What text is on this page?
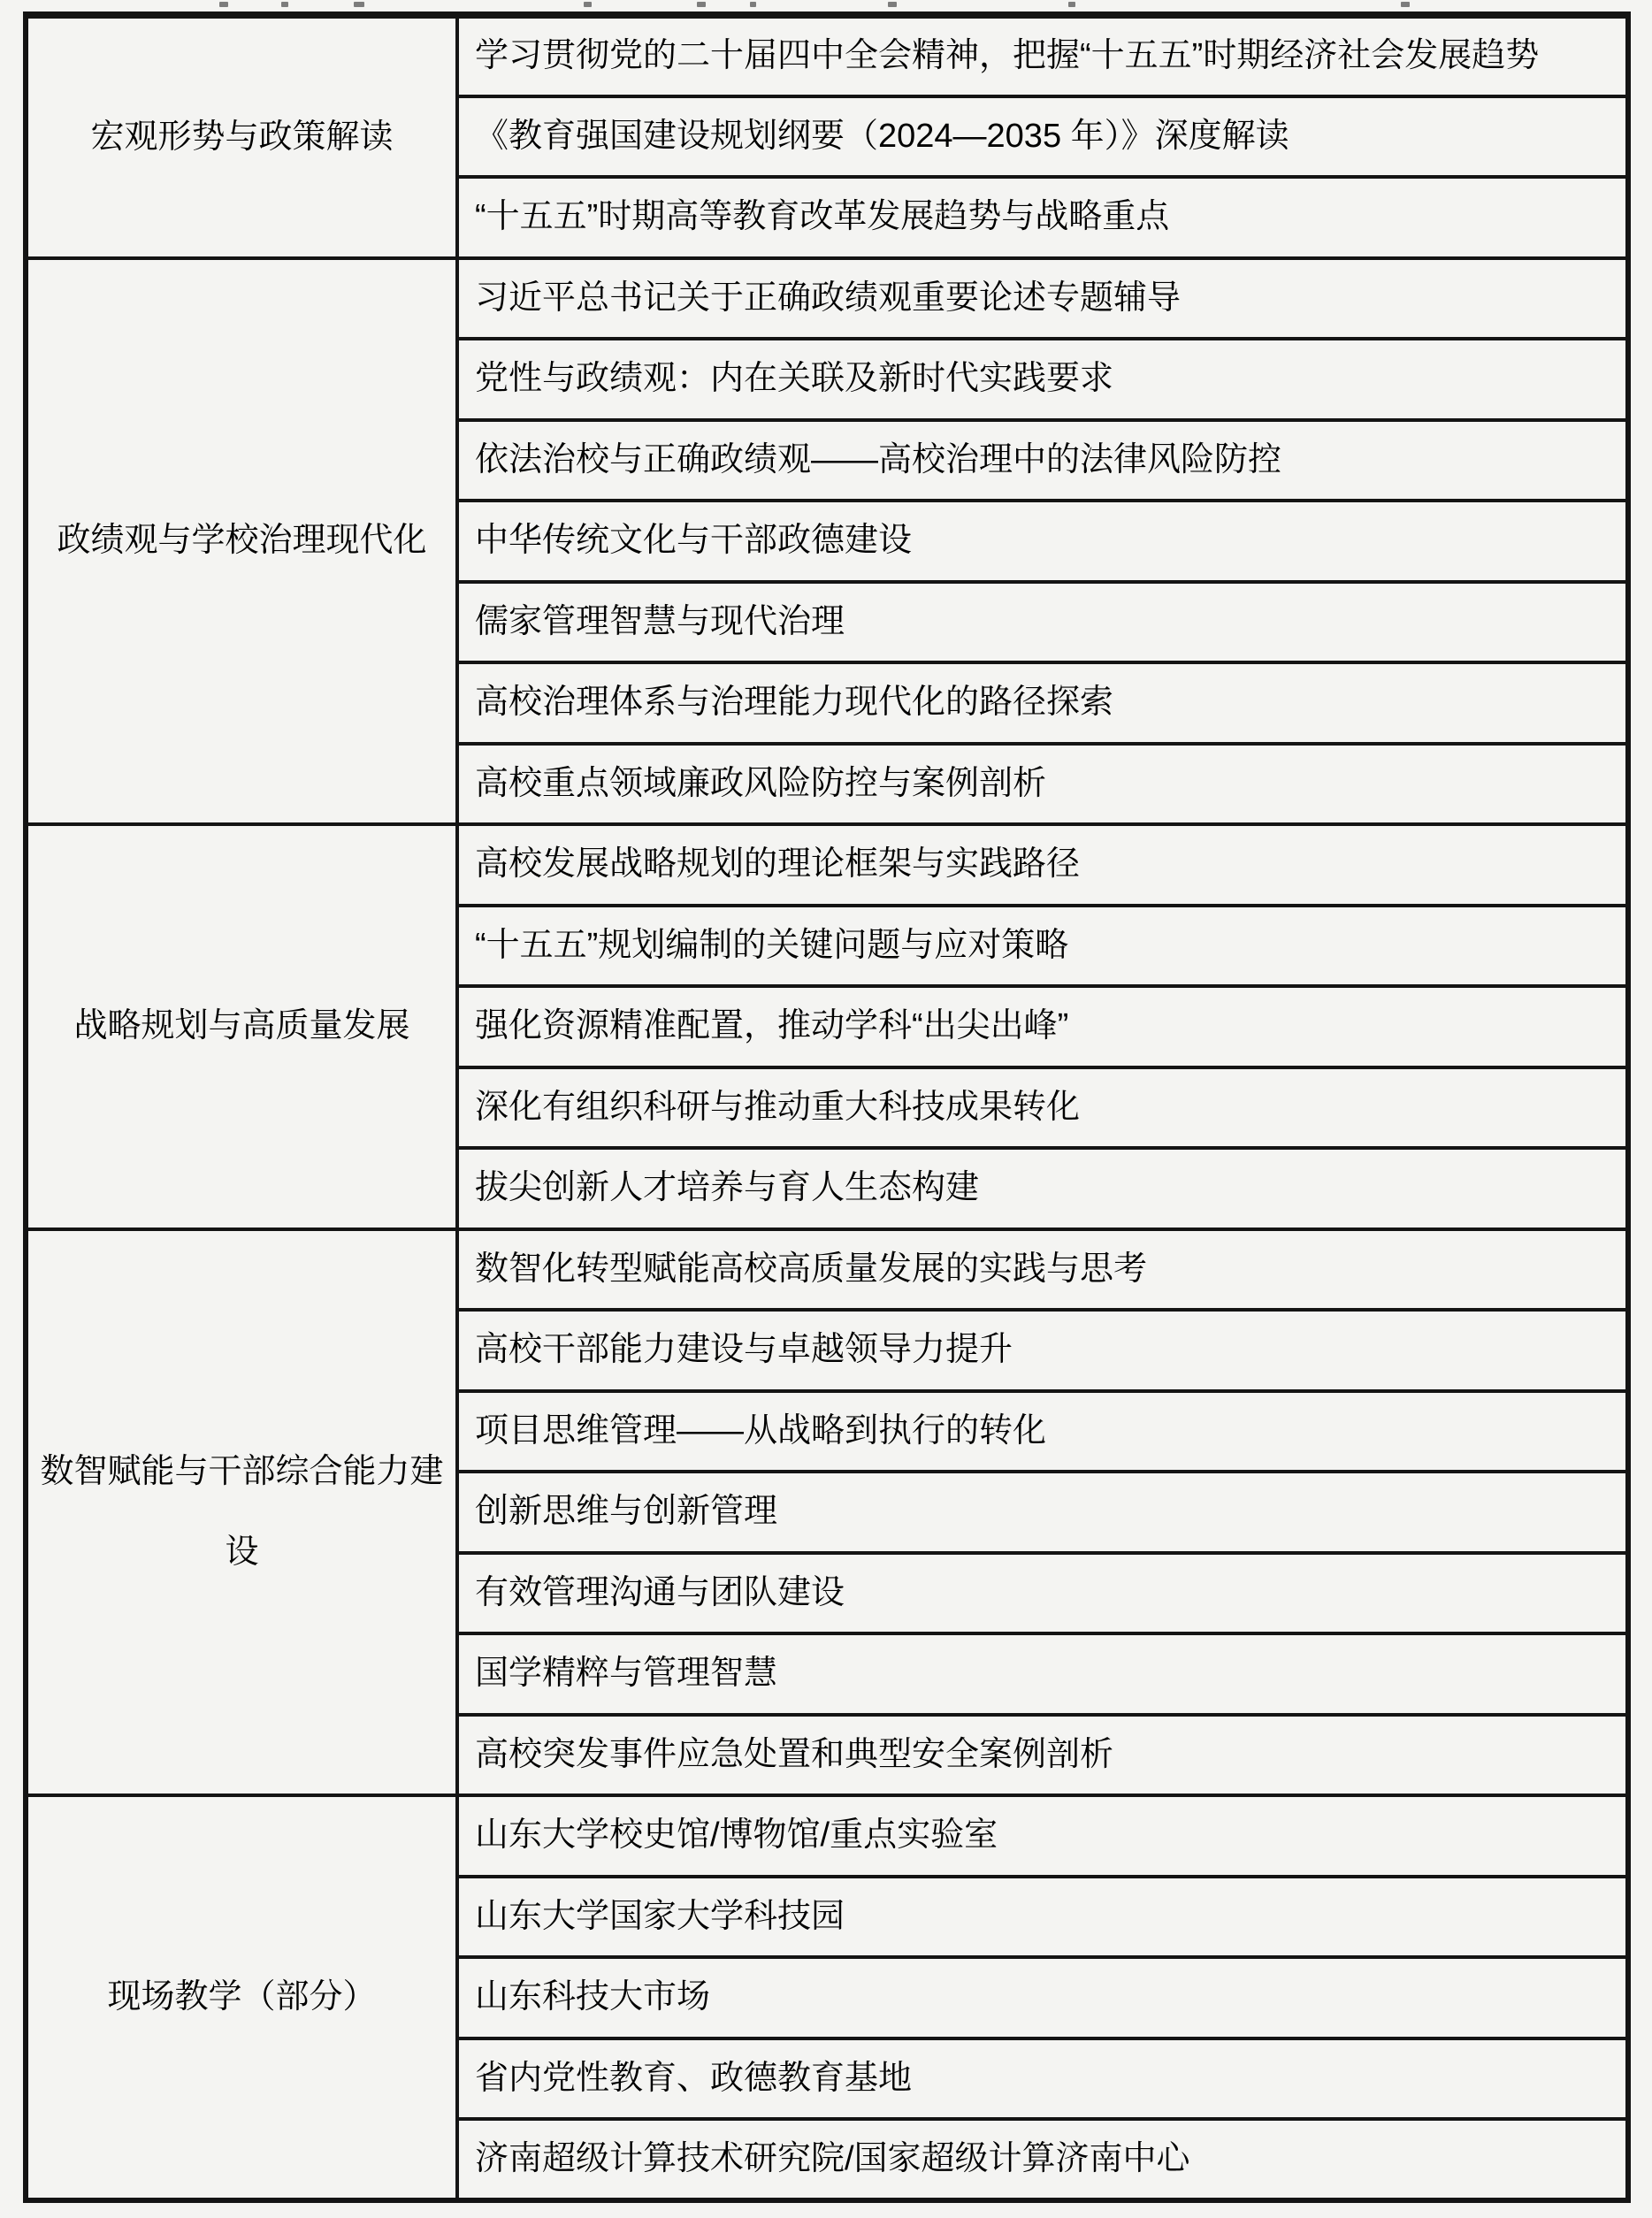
宏观形势与政策解读	学习贯彻党的二十届四中全会精神，把握“十五五”时期经济社会发展趋势
	《教育强国建设规划纲要（2024—2035 年）》深度解读
	“十五五”时期高等教育改革发展趋势与战略重点
政绩观与学校治理现代化	习近平总书记关于正确政绩观重要论述专题辅导
	党性与政绩观：内在关联及新时代实践要求
	依法治校与正确政绩观——高校治理中的法律风险防控
	中华传统文化与干部政德建设
	儒家管理智慧与现代治理
	高校治理体系与治理能力现代化的路径探索
	高校重点领域廉政风险防控与案例剖析
战略规划与高质量发展	高校发展战略规划的理论框架与实践路径
	“十五五”规划编制的关键问题与应对策略
	强化资源精准配置，推动学科“出尖出峰”
	深化有组织科研与推动重大科技成果转化
	拔尖创新人才培养与育人生态构建
数智赋能与干部综合能力建设	数智化转型赋能高校高质量发展的实践与思考
	高校干部能力建设与卓越领导力提升
	项目思维管理——从战略到执行的转化
	创新思维与创新管理
	有效管理沟通与团队建设
	国学精粹与管理智慧
	高校突发事件应急处置和典型安全案例剖析
现场教学（部分）	山东大学校史馆/博物馆/重点实验室
	山东大学国家大学科技园
	山东科技大市场
	省内党性教育、政德教育基地
	济南超级计算技术研究院/国家超级计算济南中心
